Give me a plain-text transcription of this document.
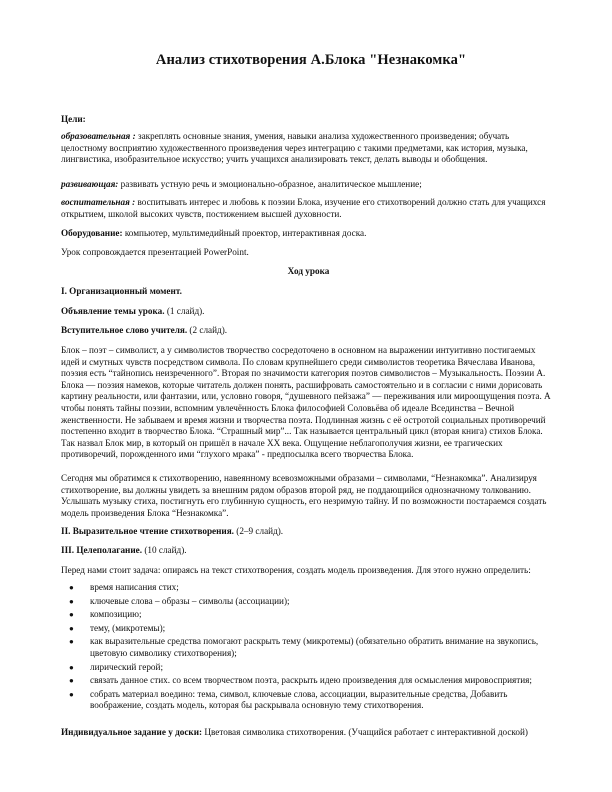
Анализ стихотворения А.Блока "Незнакомка"

Цели:

образовательная : закреплять основные знания, умения, навыки анализа художественного произведения; обучать целостному восприятию художественного произведения через интеграцию с такими предметами, как история, музыка, лингвистика, изобразительное искусство; учить учащихся анализировать текст, делать выводы и обобщения.

развивающая: развивать устную речь и эмоционально-образное, аналитическое мышление;

воспитательная : воспитывать интерес и любовь к поэзии Блока, изучение его стихотворений должно стать для учащихся открытием, школой высоких чувств, постижением высшей духовности.

Оборудование: компьютер, мультимедийный проектор, интерактивная доска.

Урок сопровождается презентацией PowerPoint.

Ход урока

I. Организационный момент.

Объявление темы урока. (1 слайд).

Вступительное слово учителя. (2 слайд).

Блок – поэт – символист, а у символистов творчество сосредоточено в основном на выражении интуитивно постигаемых идей и смутных чувств посредством символа. По словам крупнейшего среди символистов теоретика Вячеслава Иванова, поэзия есть “тайнопись неизреченного”. Вторая по значимости категория поэтов символистов – Музыкальность. Поэзии А. Блока — поэзия намеков, которые читатель должен понять, расшифровать самостоятельно и в согласии с ними дорисовать картину реальности, или фантазии, или, условно говоря, “душевного пейзажа” — переживания или мироощущения поэта. А чтобы понять тайны поэзии, вспомним увлечённость Блока философией Соловьёва об идеале Всединства – Вечной женственности. Не забываем и время жизни и творчества поэта. Подлинная жизнь с её остротой социальных противоречий постепенно входит в творчество Блока. “Страшный мир”... Так называется центральный цикл (вторая книга) стихов Блока. Так назвал Блок мир, в который он пришёл в начале XX века. Ощущение неблагополучия жизни, ее трагических противоречий, порожденного ими “глухого мрака” - предпосылка всего творчества Блока.

Сегодня мы обратимся к стихотворению, навеянному всевозможными образами – символами, “Незнакомка”. Анализируя стихотворение, вы должны увидеть за внешним рядом образов второй ряд, не поддающийся однозначному толкованию. Услышать музыку стиха, постигнуть его глубинную сущность, его незримую тайну. И по возможности постараемся создать модель произведения Блока “Незнакомка”.

II. Выразительное чтение стихотворения. (2–9 слайд).

III. Целеполагание. (10 слайд).

Перед нами стоит задача: опираясь на текст стихотворения, создать модель произведения. Для этого нужно определить:

● время написания стих;
● ключевые слова – образы – символы (ассоциации);
● композицию;
● тему, (микротемы);
● как выразительные средства помогают раскрыть тему (микротемы) (обязательно обратить внимание на звукопись, цветовую символику стихотворения);
● лирический герой;
● связать данное стих. со всем творчеством поэта, раскрыть идею произведения для осмысления мировосприятия;
● собрать материал воедино: тема, символ, ключевые слова, ассоциации, выразительные средства, Добавить воображение, создать модель, которая бы раскрывала основную тему стихотворения.

Индивидуальное задание у доски: Цветовая символика стихотворения. (Учащийся работает с интерактивной доской)
